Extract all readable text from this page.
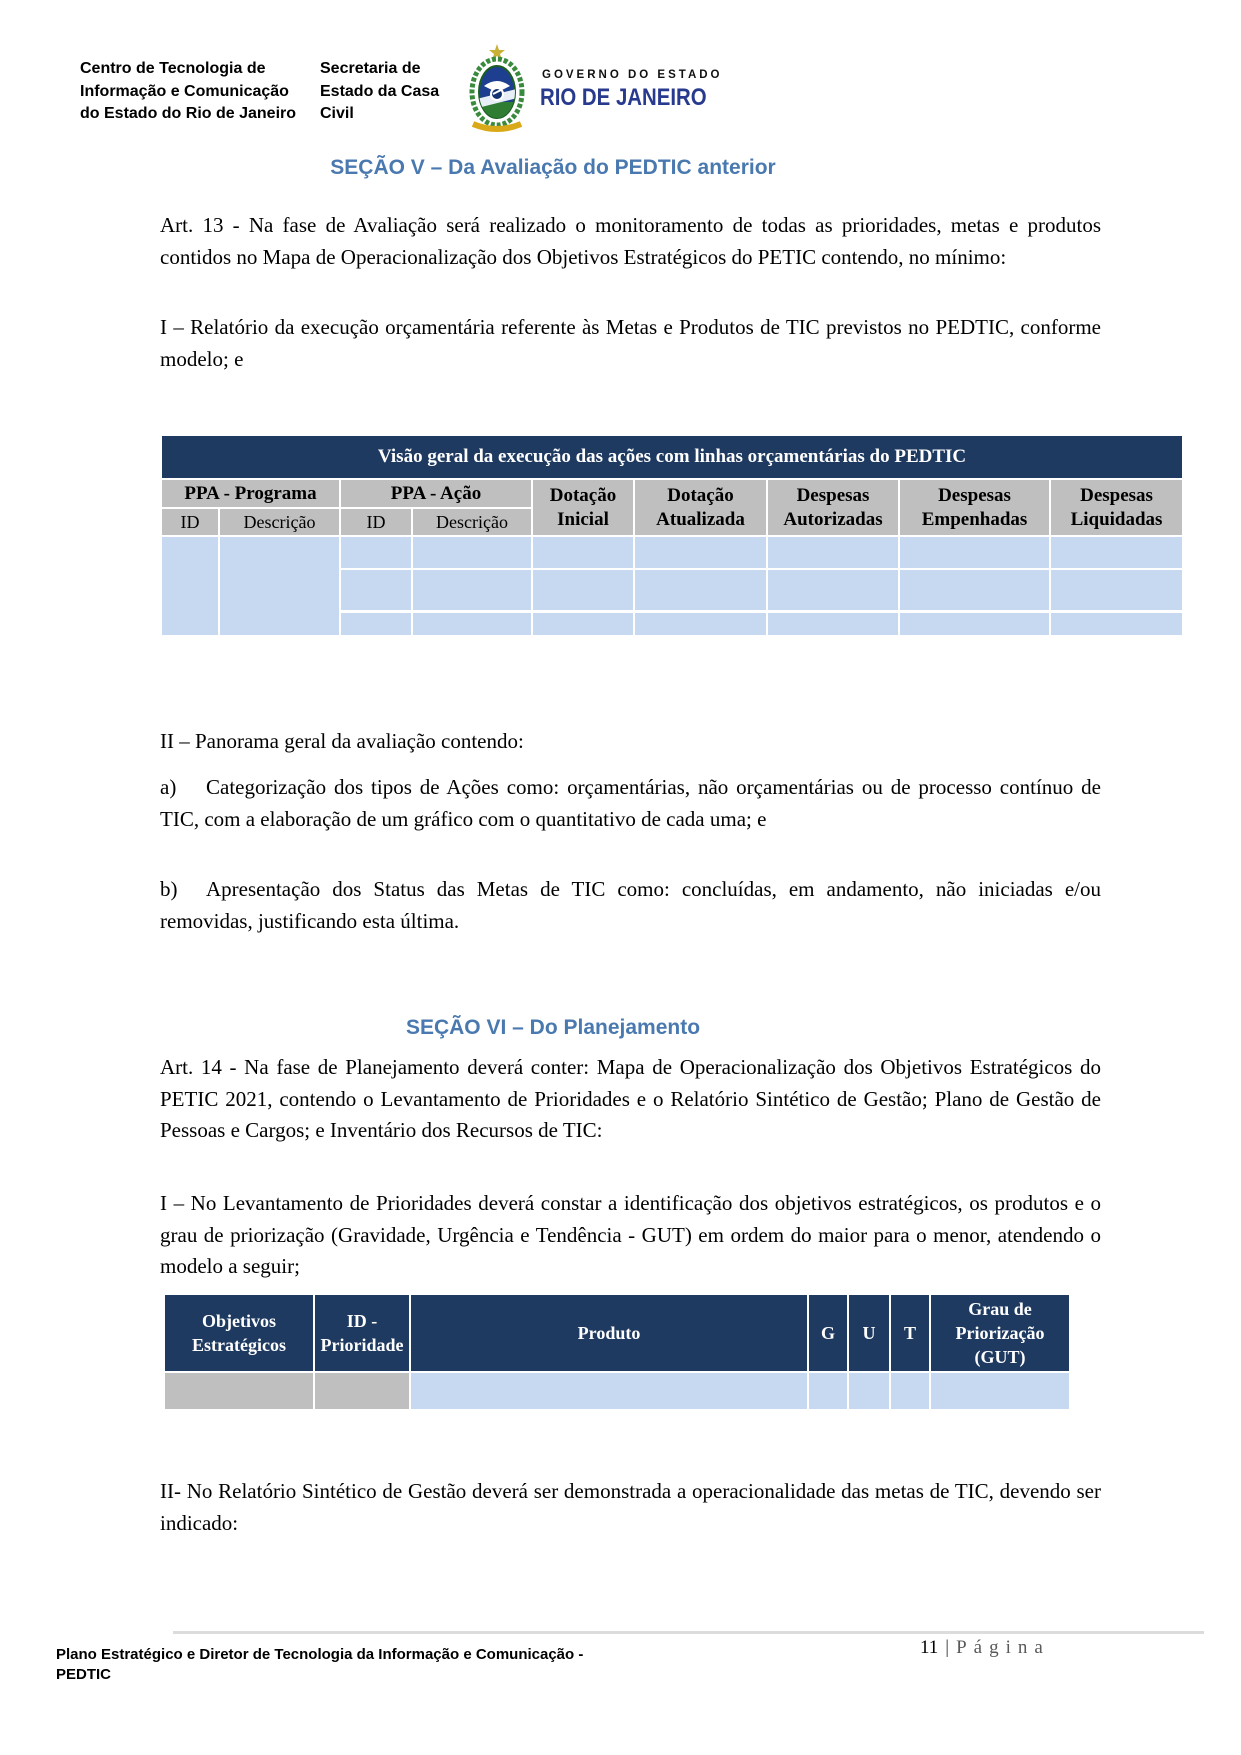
Centro de Tecnologia de
Informação e Comunicação
do Estado do Rio de Janeiro
Secretaria de
Estado da Casa
Civil
GOVERNO DO ESTADO
RIO DE JANEIRO
SEÇÃO V – Da Avaliação do PEDTIC anterior

Art. 13 - Na fase de Avaliação será realizado o monitoramento de todas as prioridades, metas e produtos contidos no Mapa de Operacionalização dos Objetivos Estratégicos do PETIC contendo, no mínimo:

I – Relatório da execução orçamentária referente às Metas e Produtos de TIC previstos no PEDTIC, conforme modelo; e

Visão geral da execução das ações com linhas orçamentárias do PEDTIC								
PPA - Programa		PPA - Ação		Dotação Inicial	Dotação Atualizada	Despesas Autorizadas	Despesas Empenhadas	Despesas Liquidadas
ID	Descrição	ID	Descrição					

II – Panorama geral da avaliação contendo:

a) Categorização dos tipos de Ações como: orçamentárias, não orçamentárias ou de processo contínuo de TIC, com a elaboração de um gráfico com o quantitativo de cada uma; e

b) Apresentação dos Status das Metas de TIC como: concluídas, em andamento, não iniciadas e/ou removidas, justificando esta última.

SEÇÃO VI – Do Planejamento

Art. 14 - Na fase de Planejamento deverá conter: Mapa de Operacionalização dos Objetivos Estratégicos do PETIC 2021, contendo o Levantamento de Prioridades e o Relatório Sintético de Gestão; Plano de Gestão de Pessoas e Cargos; e Inventário dos Recursos de TIC:

I – No Levantamento de Prioridades deverá constar a identificação dos objetivos estratégicos, os produtos e o grau de priorização (Gravidade, Urgência e Tendência - GUT) em ordem do maior para o menor, atendendo o modelo a seguir;

Objetivos Estratégicos	ID - Prioridade	Produto	G	U	T	Grau de Priorização (GUT)

II- No Relatório Sintético de Gestão deverá ser demonstrada a operacionalidade das metas de TIC, devendo ser indicado:

Plano Estratégico e Diretor de Tecnologia da Informação e Comunicação -
PEDTIC
11 | Página
